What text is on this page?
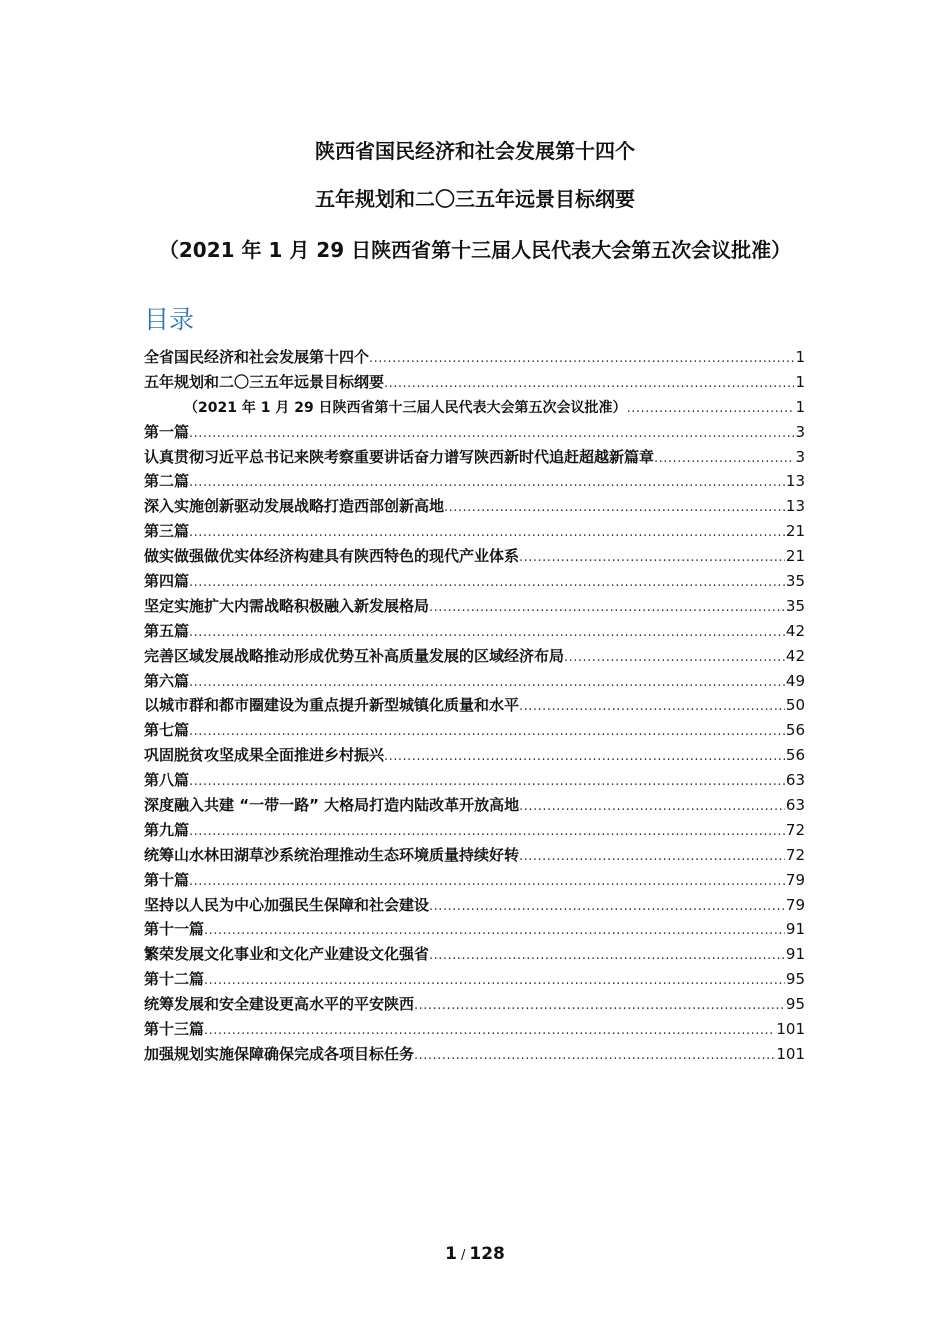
陕西省国民经济和社会发展第十四个
五年规划和二〇三五年远景目标纲要
（2021 年 1 月 29 日陕西省第十三届人民代表大会第五次会议批准）
目录
全省国民经济和社会发展第十四个 .....	1
五年规划和二〇三五年远景目标纲要 .....	1
（2021 年 1 月 29 日陕西省第十三届人民代表大会第五次会议批准） .....	1
第一篇 .....	3
认真贯彻习近平总书记来陕考察重要讲话奋力谱写陕西新时代追赶超越新篇章 .....	3
第二篇 .....	13
深入实施创新驱动发展战略打造西部创新高地 .....	13
第三篇 .....	21
做实做强做优实体经济构建具有陕西特色的现代产业体系 .....	21
第四篇 .....	35
坚定实施扩大内需战略积极融入新发展格局 .....	35
第五篇 .....	42
完善区域发展战略推动形成优势互补高质量发展的区域经济布局 .....	42
第六篇 .....	49
以城市群和都市圈建设为重点提升新型城镇化质量和水平 .....	50
第七篇 .....	56
巩固脱贫攻坚成果全面推进乡村振兴 .....	56
第八篇 .....	63
深度融入共建 “一带一路” 大格局打造内陆改革开放高地 .....	63
第九篇 .....	72
统筹山水林田湖草沙系统治理推动生态环境质量持续好转 .....	72
第十篇 .....	79
坚持以人民为中心加强民生保障和社会建设 .....	79
第十一篇 .....	91
繁荣发展文化事业和文化产业建设文化强省 .....	91
第十二篇 .....	95
统筹发展和安全建设更高水平的平安陕西 .....	95
第十三篇 .....	101
加强规划实施保障确保完成各项目标任务 .....	101
1 / 128
